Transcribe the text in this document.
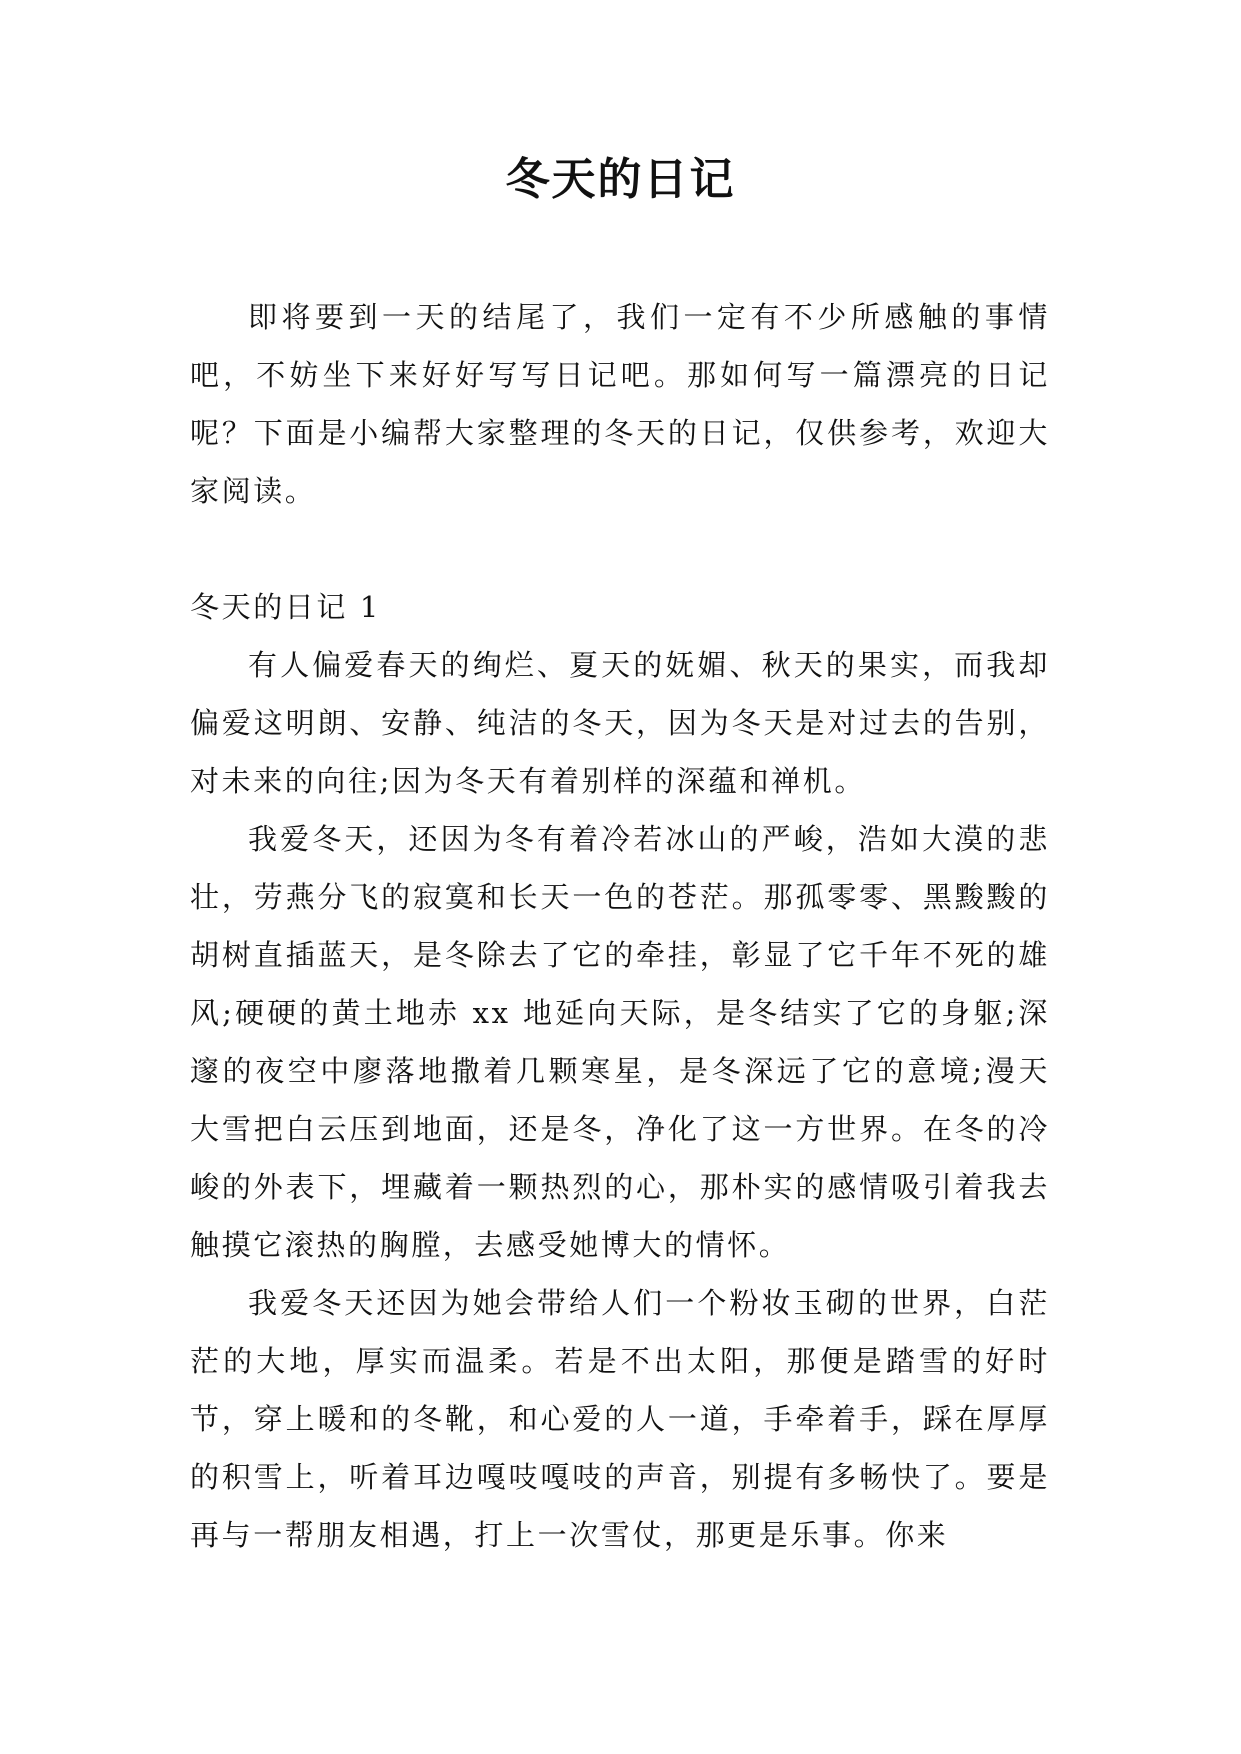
冬天的日记

即将要到一天的结尾了，我们一定有不少所感触的事情吧，不妨坐下来好好写写日记吧。那如何写一篇漂亮的日记呢？下面是小编帮大家整理的冬天的日记，仅供参考，欢迎大家阅读。

冬天的日记 1

有人偏爱春天的绚烂、夏天的妩媚、秋天的果实，而我却偏爱这明朗、安静、纯洁的冬天，因为冬天是对过去的告别，对未来的向往;因为冬天有着别样的深蕴和禅机。

我爱冬天，还因为冬有着冷若冰山的严峻，浩如大漠的悲壮，劳燕分飞的寂寞和长天一色的苍茫。那孤零零、黑黢黢的胡树直插蓝天，是冬除去了它的牵挂，彰显了它千年不死的雄风;硬硬的黄土地赤 xx 地延向天际，是冬结实了它的身躯;深邃的夜空中廖落地撒着几颗寒星，是冬深远了它的意境;漫天大雪把白云压到地面，还是冬，净化了这一方世界。在冬的冷峻的外表下，埋藏着一颗热烈的心，那朴实的感情吸引着我去触摸它滚热的胸膛，去感受她博大的情怀。

我爱冬天还因为她会带给人们一个粉妆玉砌的世界，白茫茫的大地，厚实而温柔。若是不出太阳，那便是踏雪的好时节，穿上暖和的冬靴，和心爱的人一道，手牵着手，踩在厚厚的积雪上，听着耳边嘎吱嘎吱的声音，别提有多畅快了。要是再与一帮朋友相遇，打上一次雪仗，那更是乐事。你来
